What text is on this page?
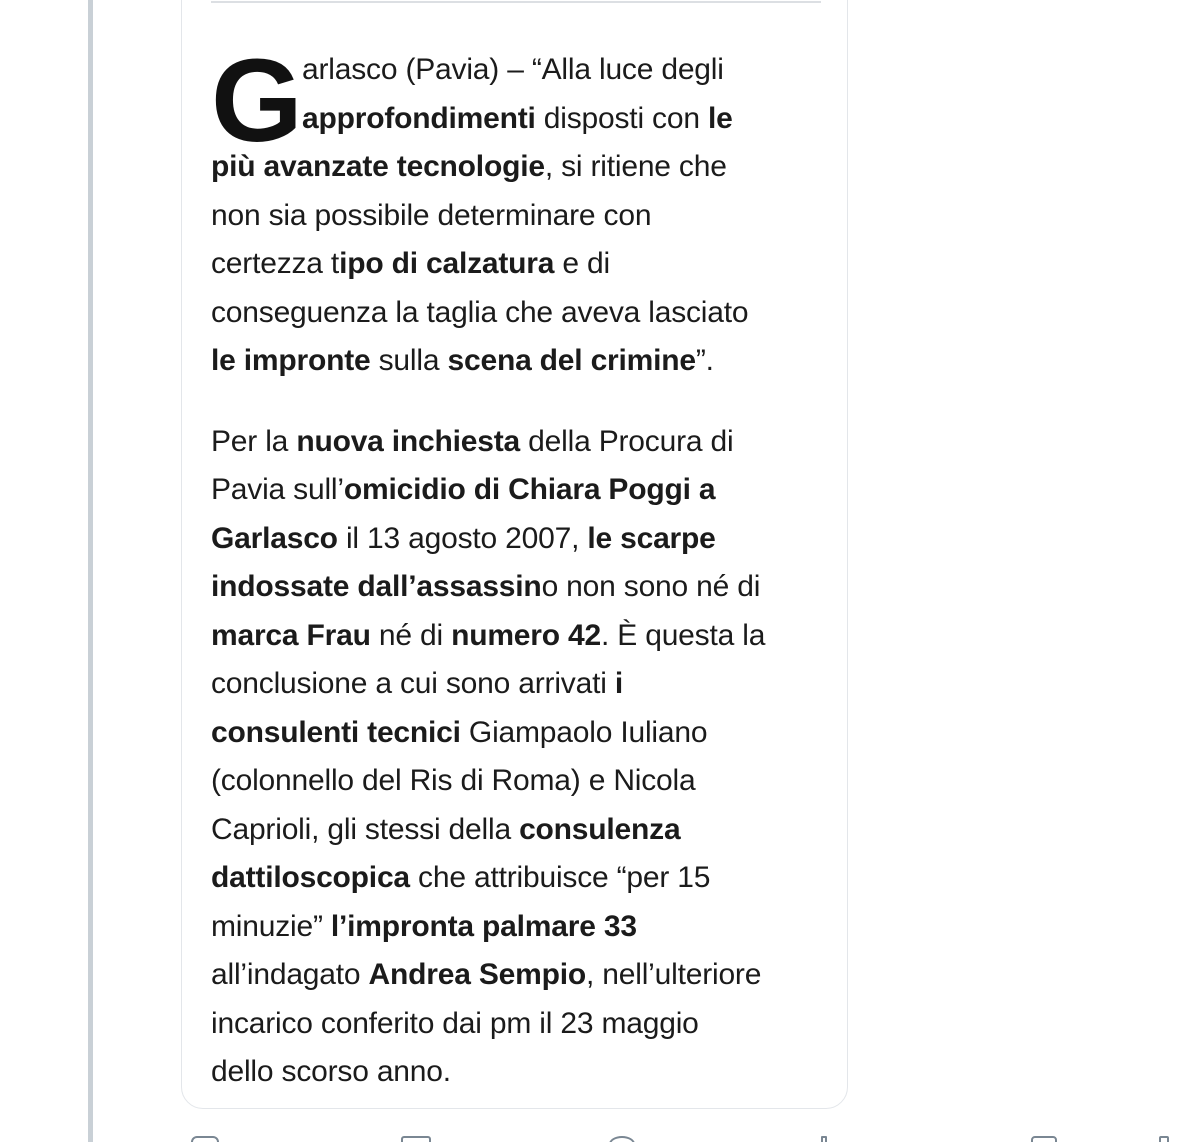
G arlasco (Pavia) – “Alla luce degli
approfondimenti disposti con le
più avanzate tecnologie, si ritiene che
non sia possibile determinare con
certezza tipo di calzatura e di
conseguenza la taglia che aveva lasciato
le impronte sulla scena del crimine”.

Per la nuova inchiesta della Procura di
Pavia sull’omicidio di Chiara Poggi a
Garlasco il 13 agosto 2007, le scarpe
indossate dall’assassino non sono né di
marca Frau né di numero 42. È questa la
conclusione a cui sono arrivati i
consulenti tecnici Giampaolo Iuliano
(colonnello del Ris di Roma) e Nicola
Caprioli, gli stessi della consulenza
dattiloscopica che attribuisce “per 15
minuzie” l’impronta palmare 33
all’indagato Andrea Sempio, nell’ulteriore
incarico conferito dai pm il 23 maggio
dello scorso anno.
